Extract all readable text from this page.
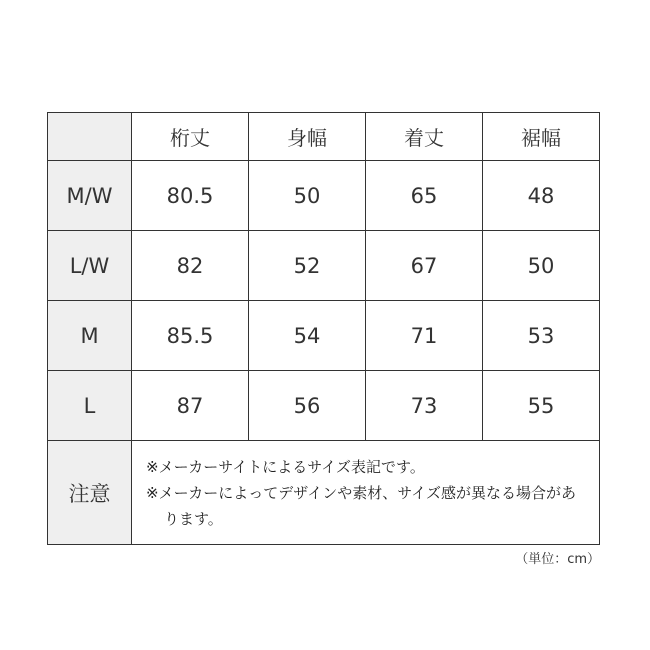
	桁丈	身幅	着丈	裾幅
M/W	80.5	50	65	48
L/W	82	52	67	50
M	85.5	54	71	53
L	87	56	73	55
注意	※メーカーサイトによるサイズ表記です。
※メーカーによってデザインや素材、サイズ感が異なる場合があります。			
（単位：cm）
